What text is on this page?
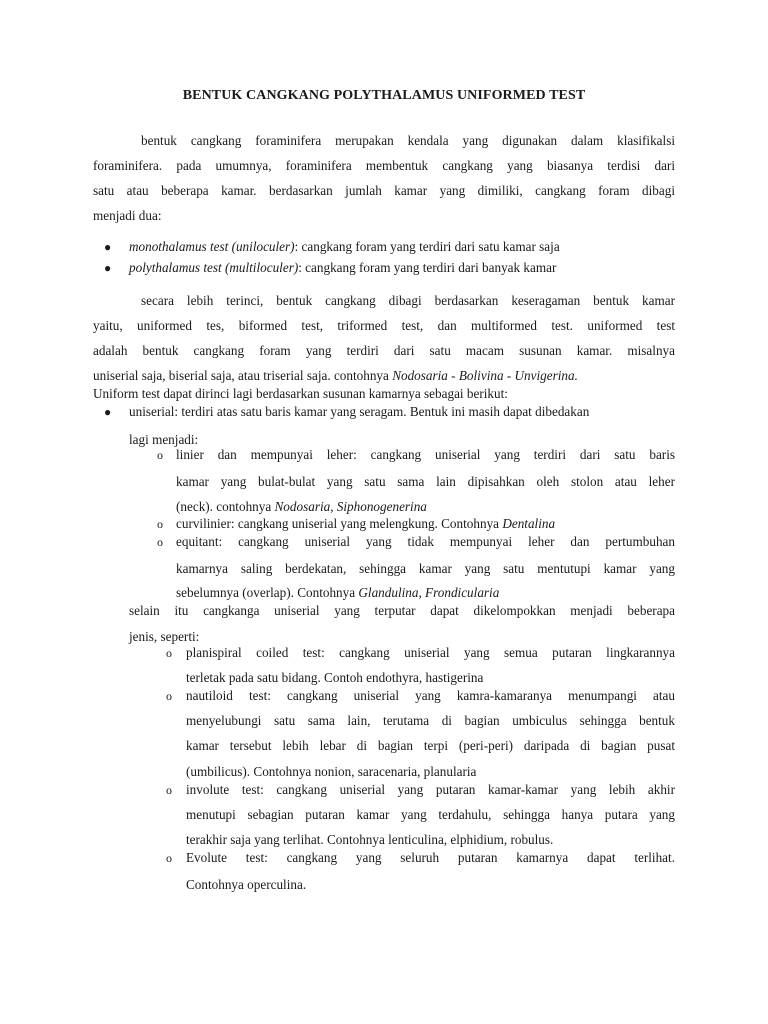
BENTUK CANGKANG POLYTHALAMUS UNIFORMED TEST
bentuk cangkang foraminifera merupakan kendala yang digunakan dalam klasifikalsi
foraminifera. pada umumnya, foraminifera membentuk cangkang yang biasanya terdisi dari
satu atau beberapa kamar. berdasarkan jumlah kamar yang dimiliki, cangkang foram dibagi
menjadi dua:
● monothalamus test (uniloculer): cangkang foram yang terdiri dari satu kamar saja
● polythalamus test (multiloculer): cangkang foram yang terdiri dari banyak kamar
secara lebih terinci, bentuk cangkang dibagi berdasarkan keseragaman bentuk kamar
yaitu, uniformed tes, biformed test, triformed test, dan multiformed test. uniformed test
adalah bentuk cangkang foram yang terdiri dari satu macam susunan kamar. misalnya
uniserial saja, biserial saja, atau triserial saja. contohnya Nodosaria - Bolivina - Unvigerina.
Uniform test dapat dirinci lagi berdasarkan susunan kamarnya sebagai berikut:
● uniserial: terdiri atas satu baris kamar yang seragam. Bentuk ini masih dapat dibedakan
lagi menjadi:
o linier dan mempunyai leher: cangkang uniserial yang terdiri dari satu baris
kamar yang bulat-bulat yang satu sama lain dipisahkan oleh stolon atau leher
(neck). contohnya Nodosaria, Siphonogenerina
o curvilinier: cangkang uniserial yang melengkung. Contohnya Dentalina
o equitant: cangkang uniserial yang tidak mempunyai leher dan pertumbuhan
kamarnya saling berdekatan, sehingga kamar yang satu mentutupi kamar yang
sebelumnya (overlap). Contohnya Glandulina, Frondicularia
selain itu cangkanga uniserial yang terputar dapat dikelompokkan menjadi beberapa
jenis, seperti:
o planispiral coiled test: cangkang uniserial yang semua putaran lingkarannya
terletak pada satu bidang. Contoh endothyra, hastigerina
o nautiloid test: cangkang uniserial yang kamra-kamaranya menumpangi atau
menyelubungi satu sama lain, terutama di bagian umbiculus sehingga bentuk
kamar tersebut lebih lebar di bagian terpi (peri-peri) daripada di bagian pusat
(umbilicus). Contohnya nonion, saracenaria, planularia
o involute test: cangkang uniserial yang putaran kamar-kamar yang lebih akhir
menutupi sebagian putaran kamar yang terdahulu, sehingga hanya putara yang
terakhir saja yang terlihat. Contohnya lenticulina, elphidium, robulus.
o Evolute test: cangkang yang seluruh putaran kamarnya dapat terlihat.
Contohnya operculina.
